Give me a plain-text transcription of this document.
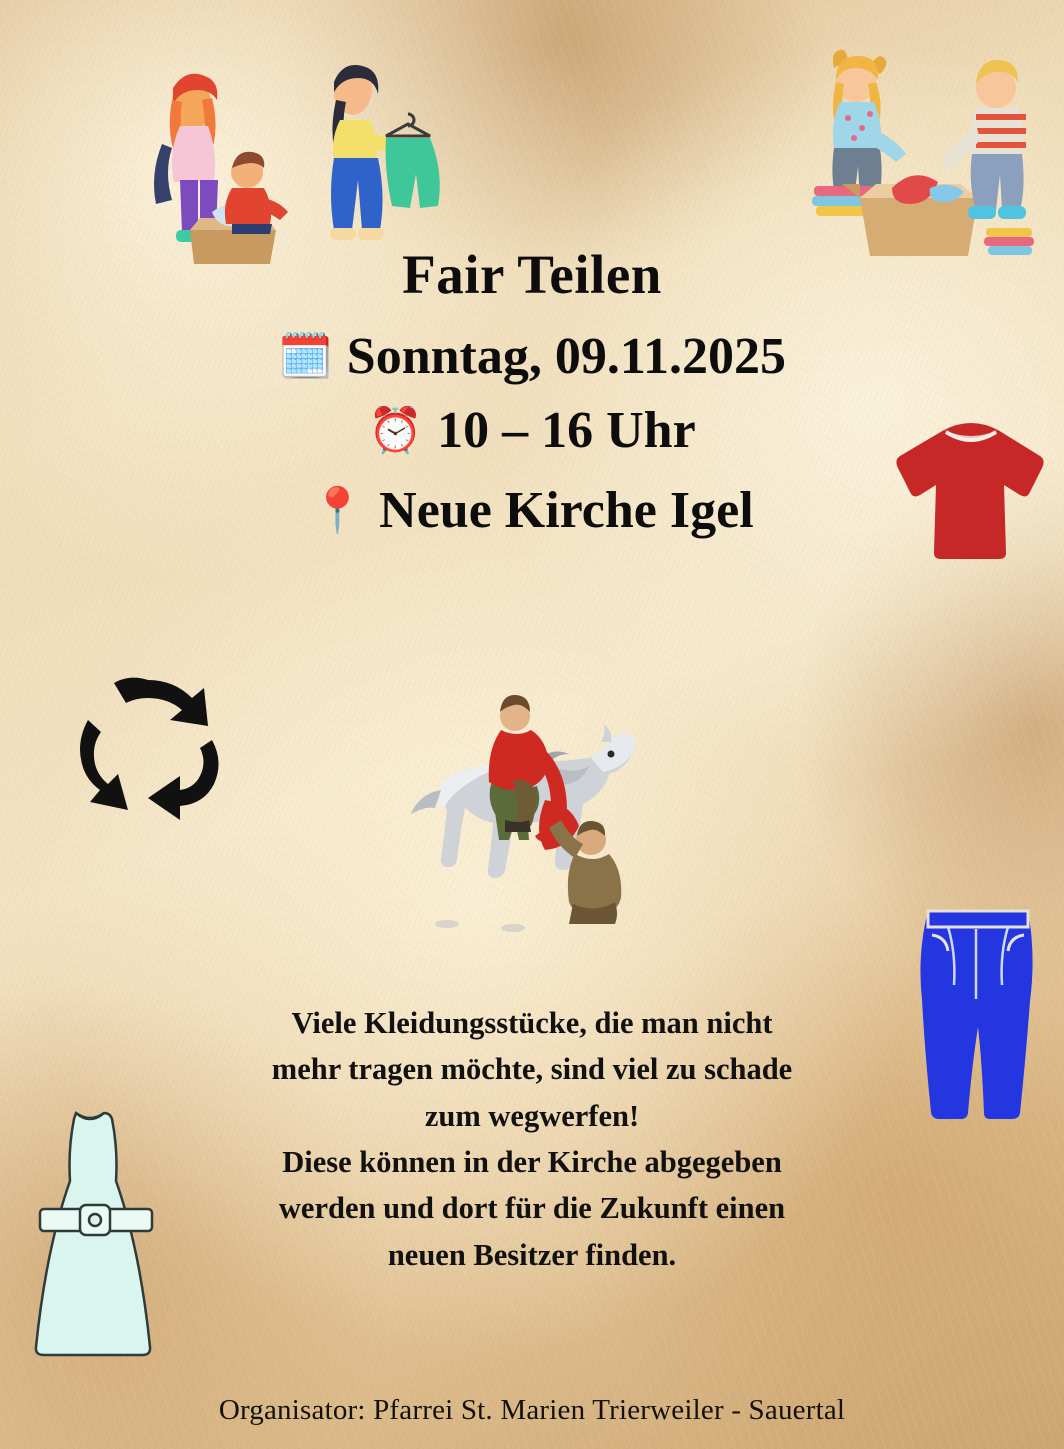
Fair Teilen
🗓️ Sonntag, 09.11.2025
⏰ 10 – 16 Uhr
📍 Neue Kirche Igel

Viele Kleidungsstücke, die man nicht

mehr tragen möchte, sind viel zu schade

zum wegwerfen!

Diese können in der Kirche abgegeben

werden und dort für die Zukunft einen

neuen Besitzer finden.

Organisator: Pfarrei St. Marien Trierweiler - Sauertal
